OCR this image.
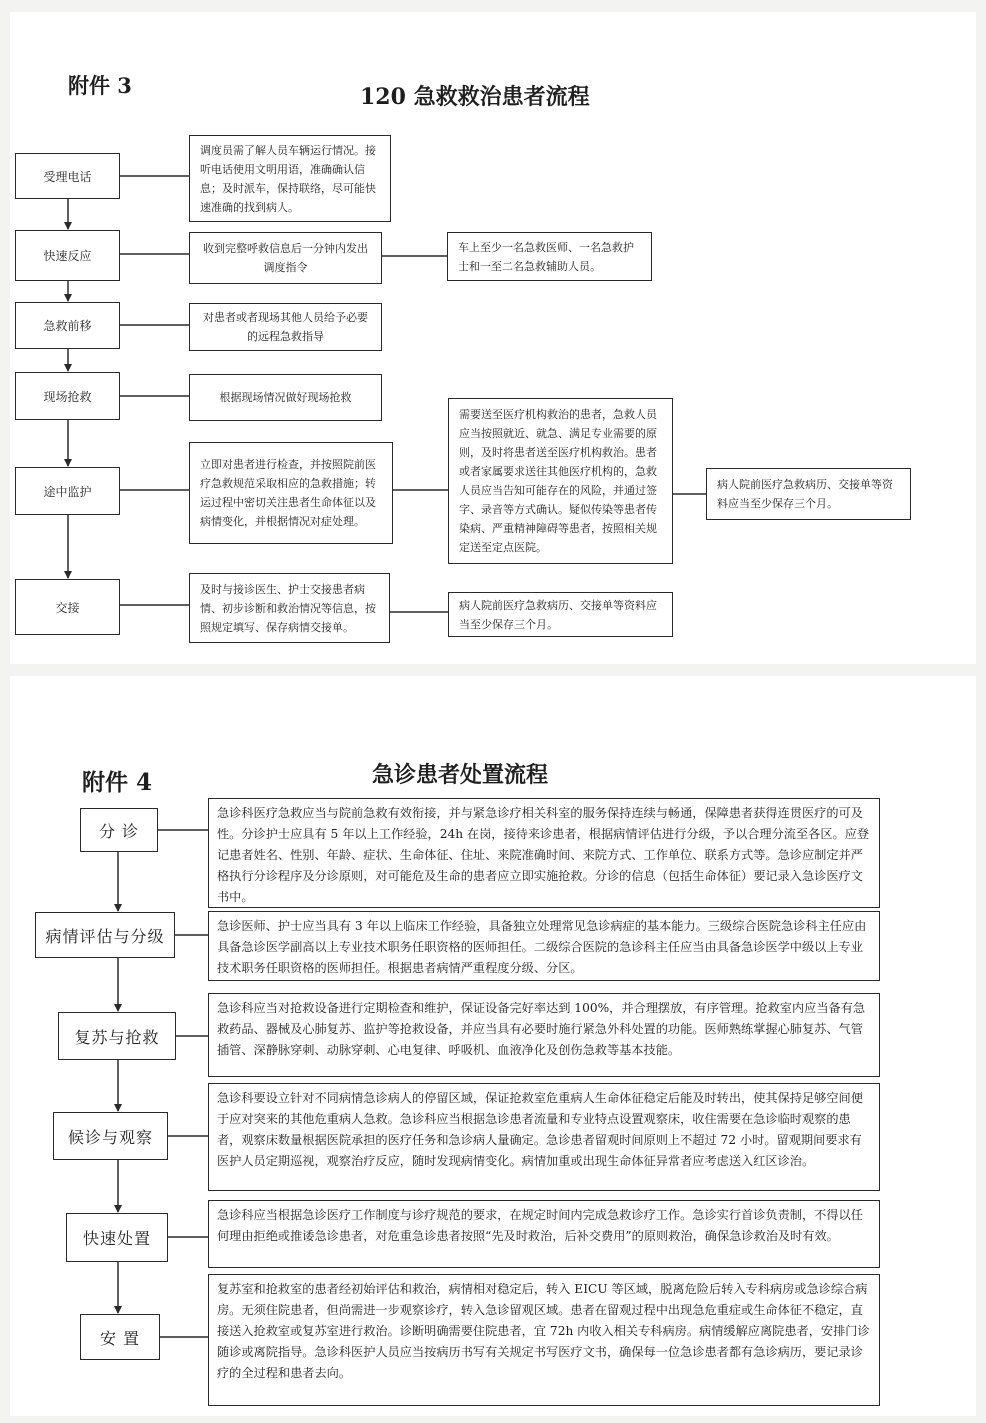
附件 3	120 急救救治患者流程
受理电话
快速反应
急救前移
现场抢救
途中监护
交接
调度员需了解人员车辆运行情况。接听电话使用文明用语，准确确认信息；及时派车，保持联络，尽可能快速准确的找到病人。
收到完整呼救信息后一分钟内发出调度指令
对患者或者现场其他人员给予必要的远程急救指导
根据现场情况做好现场抢救
立即对患者进行检查，并按照院前医疗急救规范采取相应的急救措施；转运过程中密切关注患者生命体征以及病情变化，并根据情况对症处理。
及时与接诊医生、护士交接患者病情、初步诊断和救治情况等信息，按照规定填写、保存病情交接单。
车上至少一名急救医师、一名急救护士和一至二名急救辅助人员。
需要送至医疗机构救治的患者，急救人员应当按照就近、就急、满足专业需要的原则，及时将患者送至医疗机构救治。患者或者家属要求送往其他医疗机构的，急救人员应当告知可能存在的风险，并通过签字、录音等方式确认。疑似传染等患者传染病、严重精神障碍等患者，按照相关规定送至定点医院。
病人院前医疗急救病历、交接单等资料应当至少保存三个月。
病人院前医疗急救病历、交接单等资料应当至少保存三个月。
附件 4	急诊患者处置流程
分 诊
病情评估与分级
复苏与抢救
候诊与观察
快速处置
安 置
急诊科医疗急救应当与院前急救有效衔接，并与紧急诊疗相关科室的服务保持连续与畅通，保障患者获得连贯医疗的可及性。分诊护士应具有 5 年以上工作经验，24h 在岗，接待来诊患者，根据病情评估进行分级，予以合理分流至各区。应登记患者姓名、性别、年龄、症状、生命体征、住址、来院准确时间、来院方式、工作单位、联系方式等。急诊应制定并严格执行分诊程序及分诊原则，对可能危及生命的患者应立即实施抢救。分诊的信息（包括生命体征）要记录入急诊医疗文书中。
急诊医师、护士应当具有 3 年以上临床工作经验，具备独立处理常见急诊病症的基本能力。三级综合医院急诊科主任应由具备急诊医学副高以上专业技术职务任职资格的医师担任。二级综合医院的急诊科主任应当由具备急诊医学中级以上专业技术职务任职资格的医师担任。根据患者病情严重程度分级、分区。
急诊科应当对抢救设备进行定期检查和维护，保证设备完好率达到 100%，并合理摆放，有序管理。抢救室内应当备有急救药品、器械及心肺复苏、监护等抢救设备，并应当具有必要时施行紧急外科处置的功能。医师熟练掌握心肺复苏、气管插管、深静脉穿刺、动脉穿刺、心电复律、呼吸机、血液净化及创伤急救等基本技能。
急诊科要设立针对不同病情急诊病人的停留区域，保证抢救室危重病人生命体征稳定后能及时转出，使其保持足够空间便于应对突来的其他危重病人急救。急诊科应当根据急诊患者流量和专业特点设置观察床，收住需要在急诊临时观察的患者，观察床数量根据医院承担的医疗任务和急诊病人量确定。急诊患者留观时间原则上不超过 72 小时。留观期间要求有医护人员定期巡视，观察治疗反应，随时发现病情变化。病情加重或出现生命体征异常者应考虑送入红区诊治。
急诊科应当根据急诊医疗工作制度与诊疗规范的要求，在规定时间内完成急救诊疗工作。急诊实行首诊负责制，不得以任何理由拒绝或推诿急诊患者，对危重急诊患者按照“先及时救治，后补交费用”的原则救治，确保急诊救治及时有效。
复苏室和抢救室的患者经初始评估和救治，病情相对稳定后，转入 EICU 等区域，脱离危险后转入专科病房或急诊综合病房。无须住院患者，但尚需进一步观察诊疗，转入急诊留观区域。患者在留观过程中出现急危重症或生命体征不稳定，直接送入抢救室或复苏室进行救治。诊断明确需要住院患者，宜 72h 内收入相关专科病房。病情缓解应离院患者，安排门诊随诊或离院指导。急诊科医护人员应当按病历书写有关规定书写医疗文书，确保每一位急诊患者都有急诊病历，要记录诊疗的全过程和患者去向。
